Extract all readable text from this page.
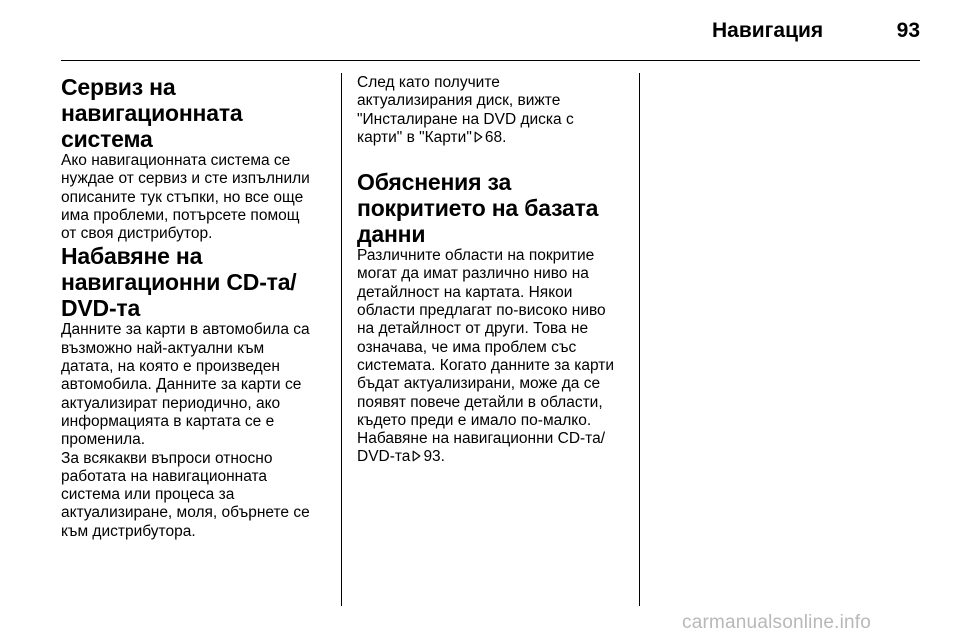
Навигация	93
Сервиз на
навигационната система

Ако навигационната система се
нуждае от сервиз и сте изпълнили
описаните тук стъпки, но все още
има проблеми, потърсете помощ
от своя дистрибутор.

Набавяне на
навигационни CD-та/
DVD-та

Данните за карти в автомобила са
възможно най-актуални към
датата, на която е произведен
автомобила. Данните за карти се
актуализират периодично, ако
информацията в картата се е
променила.

За всякакви въпроси относно
работата на навигационната
система или процеса за
актуализиране, моля, обърнете се
към дистрибутора.

След като получите
актуализирания диск, вижте
"Инсталиране на DVD диска с
карти" в "Карти" 68.

Обяснения за
покритието на базата
данни

Различните области на покритие
могат да имат различно ниво на
детайлност на картата. Някои
области предлагат по-високо ниво
на детайлност от други. Това не
означава, че има проблем със
системата. Когато данните за карти
бъдат актуализирани, може да се
появят повече детайли в области,
където преди е имало по-малко.
Набавяне на навигационни CD-та/
DVD-та 93.

carmanualsonline.info
